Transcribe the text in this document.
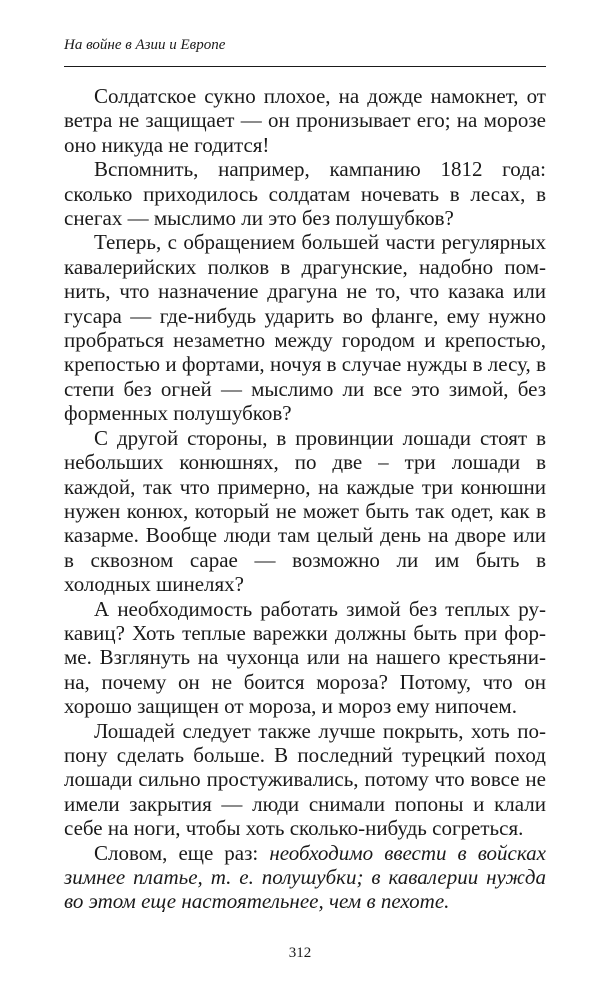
На войне в Азии и Европе

Солдатское сукно плохое, на дожде намокнет, от ветра не защищает — он пронизывает его; на морозе оно никуда не годится!

Вспомнить, например, кампанию 1812 года: сколько приходилось солдатам ночевать в лесах, в снегах — мыслимо ли это без полушубков?

Теперь, с обращением большей части регулярных кавалерийских полков в драгунские, надобно помнить, что назначение драгуна не то, что казака или гусара — где-нибудь ударить во фланге, ему нужно пробраться незаметно между городом и крепостью, крепостью и фортами, ночуя в случае нужды в лесу, в степи без огней — мыслимо ли все это зимой, без форменных полушубков?

С другой стороны, в провинции лошади стоят в небольших конюшнях, по две – три лошади в каждой, так что примерно, на каждые три конюшни нужен конюх, который не может быть так одет, как в казарме. Вообще люди там целый день на дворе или в сквозном сарае — возможно ли им быть в холодных шинелях?

А необходимость работать зимой без теплых рукавиц? Хоть теплые варежки должны быть при форме. Взглянуть на чухонца или на нашего крестьянина, почему он не боится мороза? Потому, что он хорошо защищен от мороза, и мороз ему нипочем.

Лошадей следует также лучше покрыть, хоть попону сделать больше. В последний турецкий поход лошади сильно простуживались, потому что вовсе не имели закрытия — люди снимали попоны и клали себе на ноги, чтобы хоть сколько-нибудь согреться.

Словом, еще раз: необходимо ввести в войсках зимнее платье, т. е. полушубки; в кавалерии нужда во этом еще настоятельнее, чем в пехоте.

312
